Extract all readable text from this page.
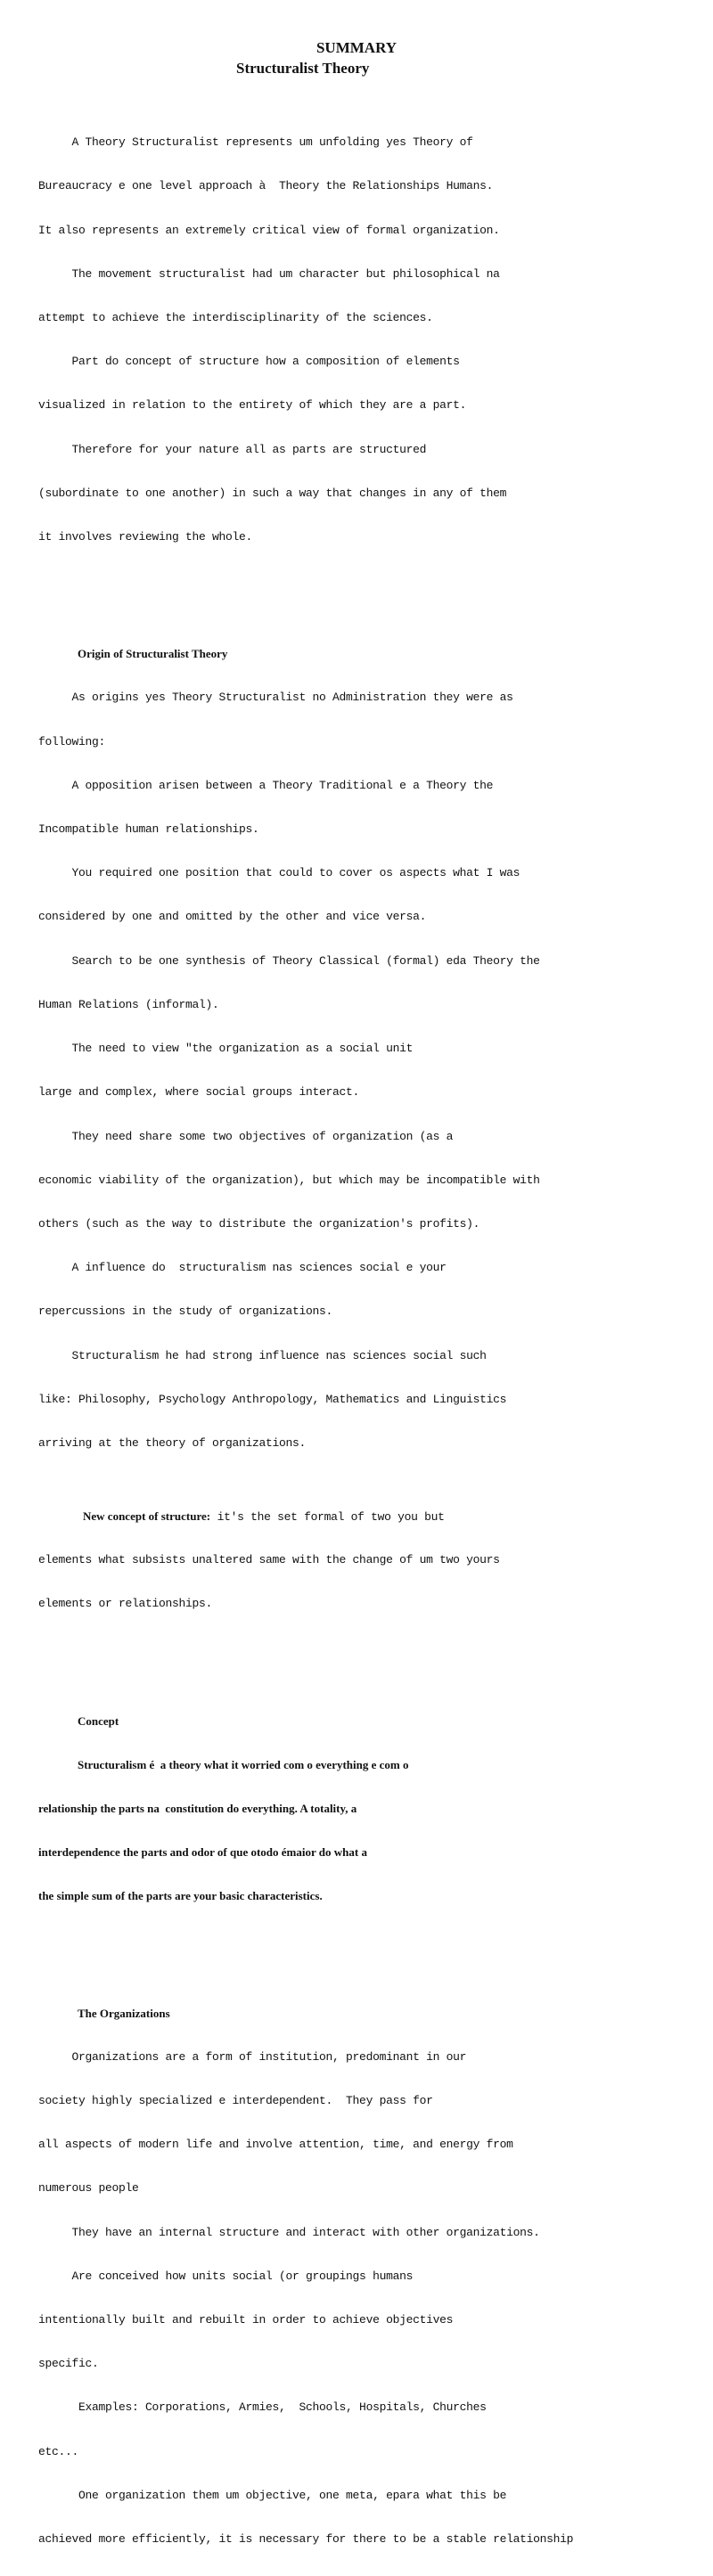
SUMMARY
Structuralist Theory

A Theory Structuralist represents um unfolding yes Theory of

Bureaucracy e one level approach à  Theory the Relationships Humans.

It also represents an extremely critical view of formal organization.

The movement structuralist had um character but philosophical na

attempt to achieve the interdisciplinarity of the sciences.

Part do concept of structure how a composition of elements

visualized in relation to the entirety of which they are a part.

Therefore for your nature all as parts are structured

(subordinate to one another) in such a way that changes in any of them

it involves reviewing the whole.

Origin of Structuralist Theory

As origins yes Theory Structuralist no Administration they were as

following:

A opposition arisen between a Theory Traditional e a Theory the

Incompatible human relationships.

You required one position that could to cover os aspects what I was

considered by one and omitted by the other and vice versa.

Search to be one synthesis of Theory Classical (formal) eda Theory the

Human Relations (informal).

The need to view "the organization as a social unit

large and complex, where social groups interact.

They need share some two objectives of organization (as a

economic viability of the organization), but which may be incompatible with

others (such as the way to distribute the organization's profits).

A influence do  structuralism nas sciences social e your

repercussions in the study of organizations.

Structuralism he had strong influence nas sciences social such

like: Philosophy, Psychology Anthropology, Mathematics and Linguistics

arriving at the theory of organizations.

New concept of structure: it's the set formal of two you but

elements what subsists unaltered same with the change of um two yours

elements or relationships.

Concept

Structuralism é  a theory what it worried com o everything e com o

relationship the parts na  constitution do everything. A totality, a

interdependence the parts and odor of que otodo émaior do what a

the simple sum of the parts are your basic characteristics.

The Organizations

Organizations are a form of institution, predominant in our

society highly specialized e interdependent.  They pass for

all aspects of modern life and involve attention, time, and energy from

numerous people

They have an internal structure and interact with other organizations.

Are conceived how units social (or groupings humans

intentionally built and rebuilt in order to achieve objectives

specific.

Examples: Corporations, Armies,  Schools, Hospitals, Churches

etc...

One organization them um objective, one meta, epara what this be

achieved more efficiently, it is necessary for there to be a stable relationship
